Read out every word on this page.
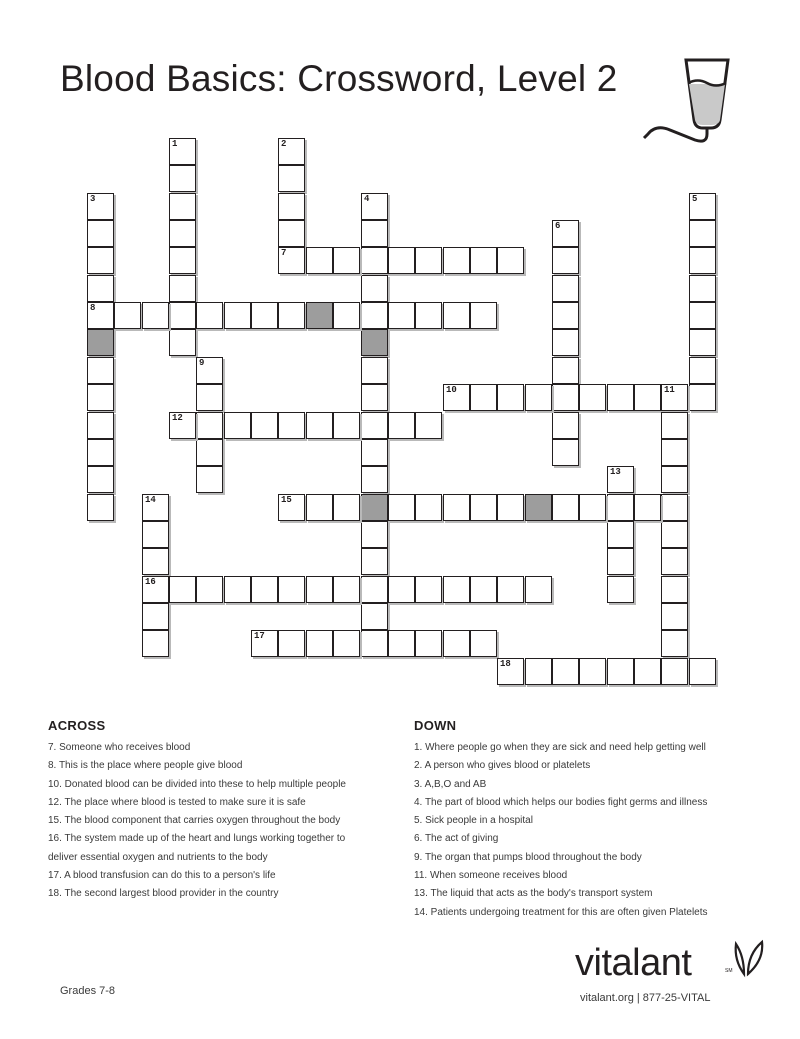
Blood Basics: Crossword, Level 2
1	2
7
3
8
4	5
6
9
10	11
12
13
14
16
15
17
18
ACROSS
7. Someone who receives blood
8. This is the place where people give blood
10. Donated blood can be divided into these to help multiple people
12. The place where blood is tested to make sure it is safe
15. The blood component that carries oxygen throughout the body
16. The system made up of the heart and lungs working together to
deliver essential oxygen and nutrients to the body
17. A blood transfusion can do this to a person's life
18. The second largest blood provider in the country
DOWN
1. Where people go when they are sick and need help getting well
2. A person who gives blood or platelets
3. A,B,O and AB
4. The part of blood which helps our bodies fight germs and illness
5. Sick people in a hospital
6. The act of giving
9. The organ that pumps blood throughout the body
11. When someone receives blood
13. The liquid that acts as the body's transport system
14. Patients undergoing treatment for this are often given Platelets
Grades 7-8
vitalant	SM
vitalant.org | 877-25-VITAL
